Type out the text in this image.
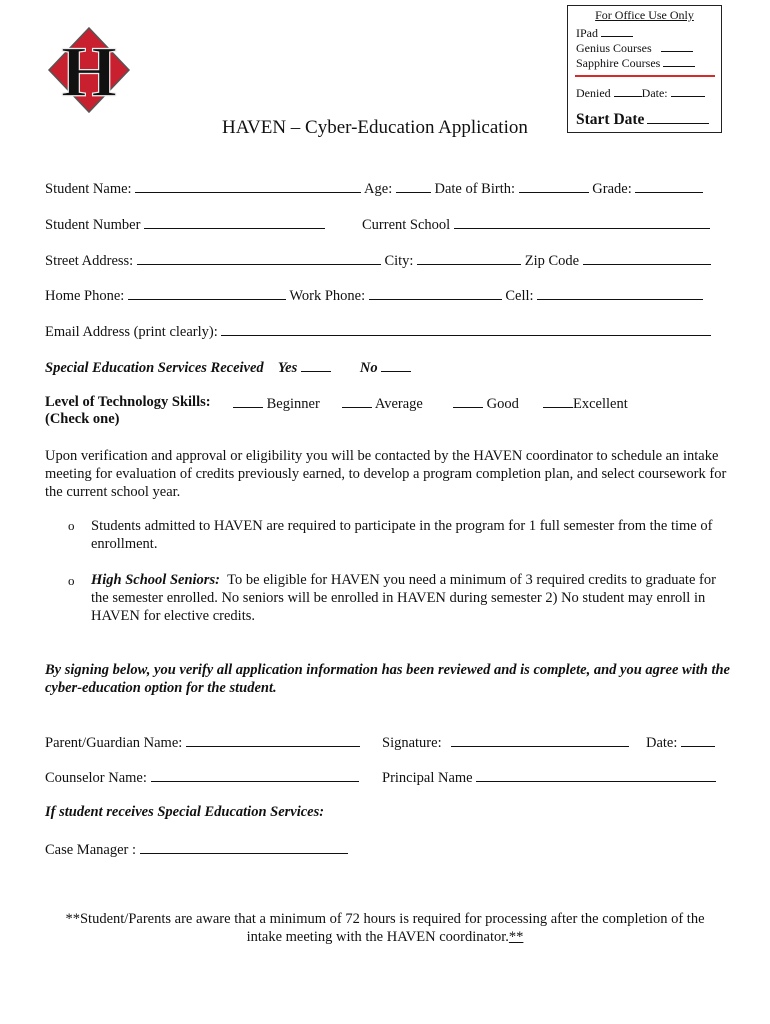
H
For Office Use Only
IPad
Genius Courses
Sapphire Courses
Denied	Date:
Start Date
HAVEN – Cyber-Education Application
Student Name:	Age:	Date of Birth:	Grade:
Student Number	Current School
Street Address:	City:	Zip Code
Home Phone:	Work Phone:	Cell:
Email Address (print clearly):
Special Education Services Received Yes	No
Level of Technology Skills:
(Check one)
Beginner	Average	Good	Excellent
Upon verification and approval or eligibility you will be contacted by the HAVEN coordinator to schedule an intake meeting for evaluation of credits previously earned, to develop a program completion plan, and select coursework for the current school year.
o Students admitted to HAVEN are required to participate in the program for 1 full semester from the time of enrollment.
o High School Seniors: To be eligible for HAVEN you need a minimum of 3 required credits to graduate for the semester enrolled. No seniors will be enrolled in HAVEN during semester 2) No student may enroll in HAVEN for elective credits.
By signing below, you verify all application information has been reviewed and is complete, and you agree with the cyber-education option for the student.
Parent/Guardian Name:	Signature:	Date:
Counselor Name:	Principal Name
If student receives Special Education Services:
Case Manager :
**Student/Parents are aware that a minimum of 72 hours is required for processing after the completion of the
intake meeting with the HAVEN coordinator.**
